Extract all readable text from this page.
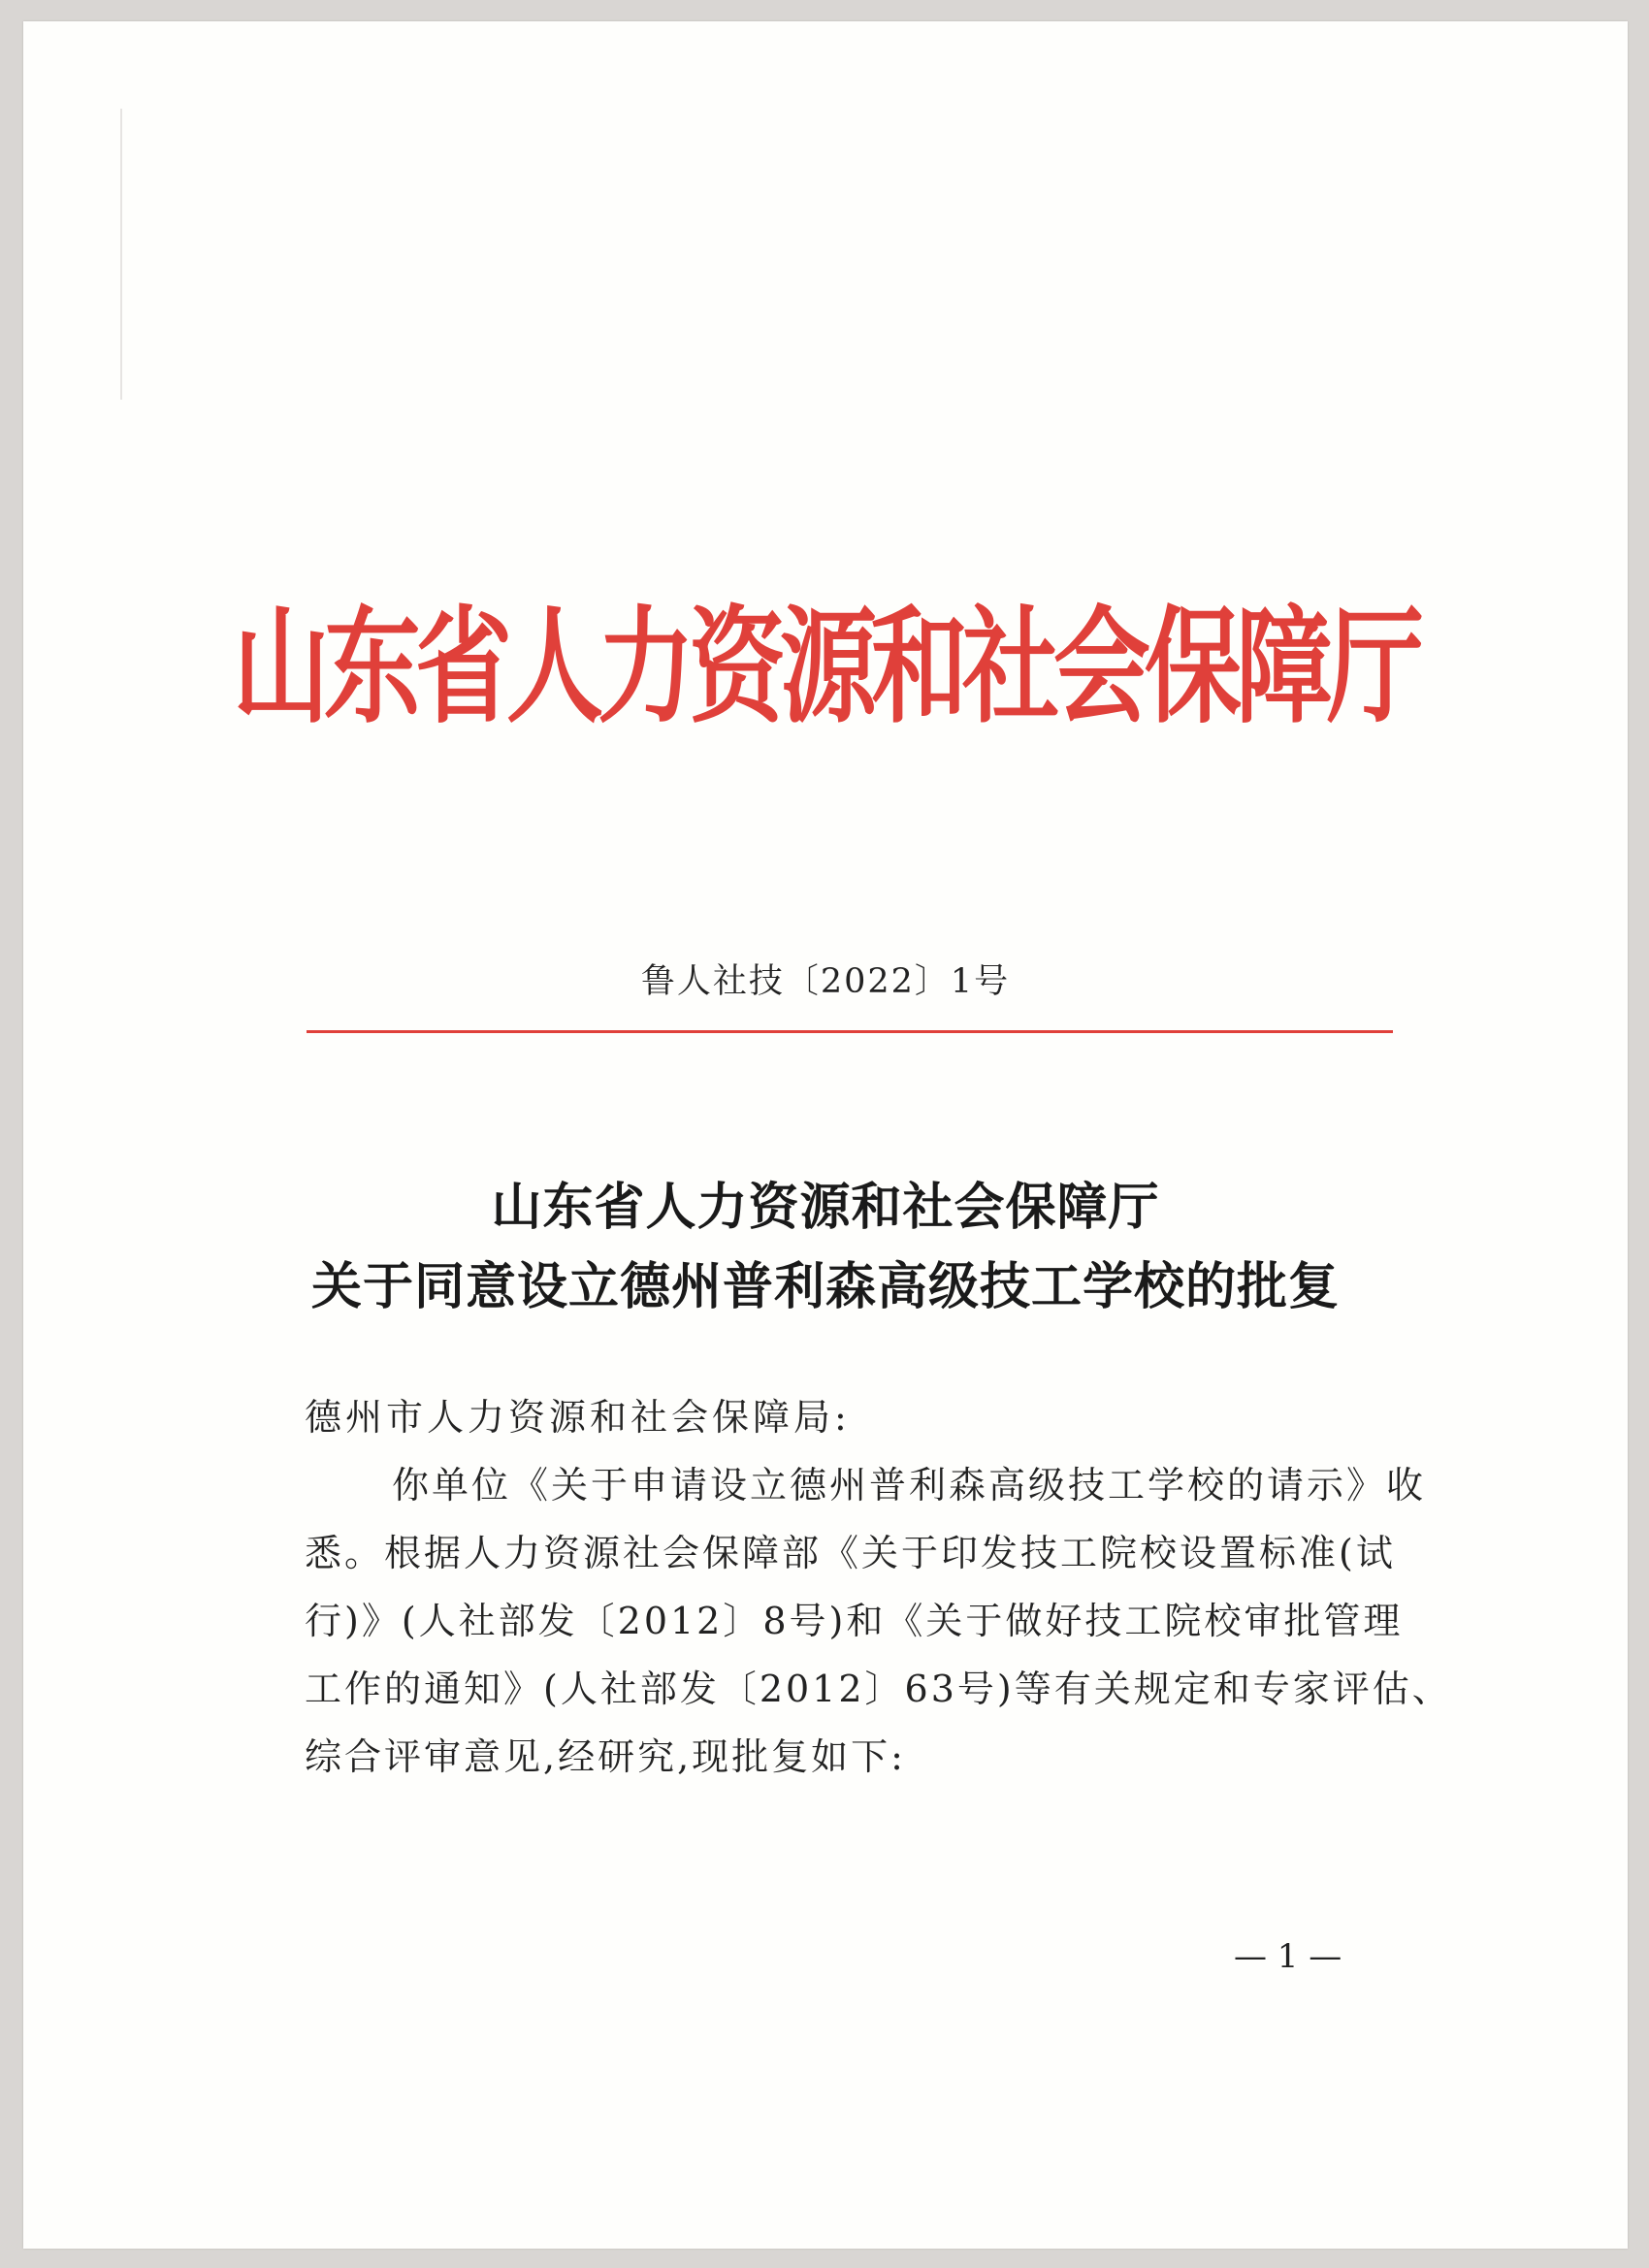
山东省人力资源和社会保障厅
鲁人社技〔2022〕1号
山东省人力资源和社会保障厅
关于同意设立德州普利森高级技工学校的批复
德州市人力资源和社会保障局:
你单位《关于申请设立德州普利森高级技工学校的请示》收
悉。根据人力资源社会保障部《关于印发技工院校设置标准(试
行)》(人社部发〔2012〕8号)和《关于做好技工院校审批管理
工作的通知》(人社部发〔2012〕63号)等有关规定和专家评估、
综合评审意见,经研究,现批复如下:
— 1 —
